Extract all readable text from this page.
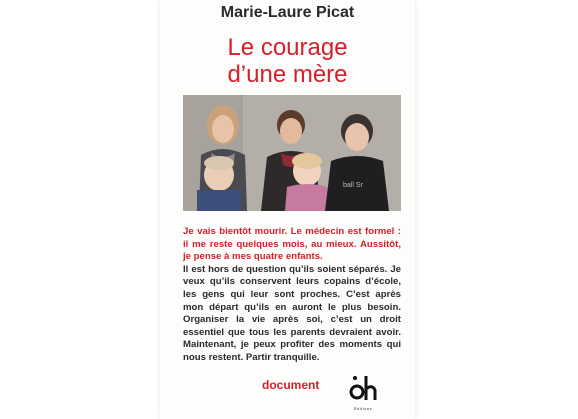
Marie-Laure Picat
Le courage
d’une mère
ball Sr

Je vais bientôt mourir. Le médecin est formel : il me reste quelques mois, au mieux. Aussitôt, je pense à mes quatre enfants.

Il est hors de question qu’ils soient séparés. Je veux qu’ils conservent leurs copains d’école, les gens qui leur sont proches. C’est après mon départ qu’ils en auront le plus besoin. Organiser la vie après soi, c’est un droit essentiel que tous les parents devraient avoir. Maintenant, je peux profiter des moments qui nous restent. Partir tranquille.

document
Éditions
